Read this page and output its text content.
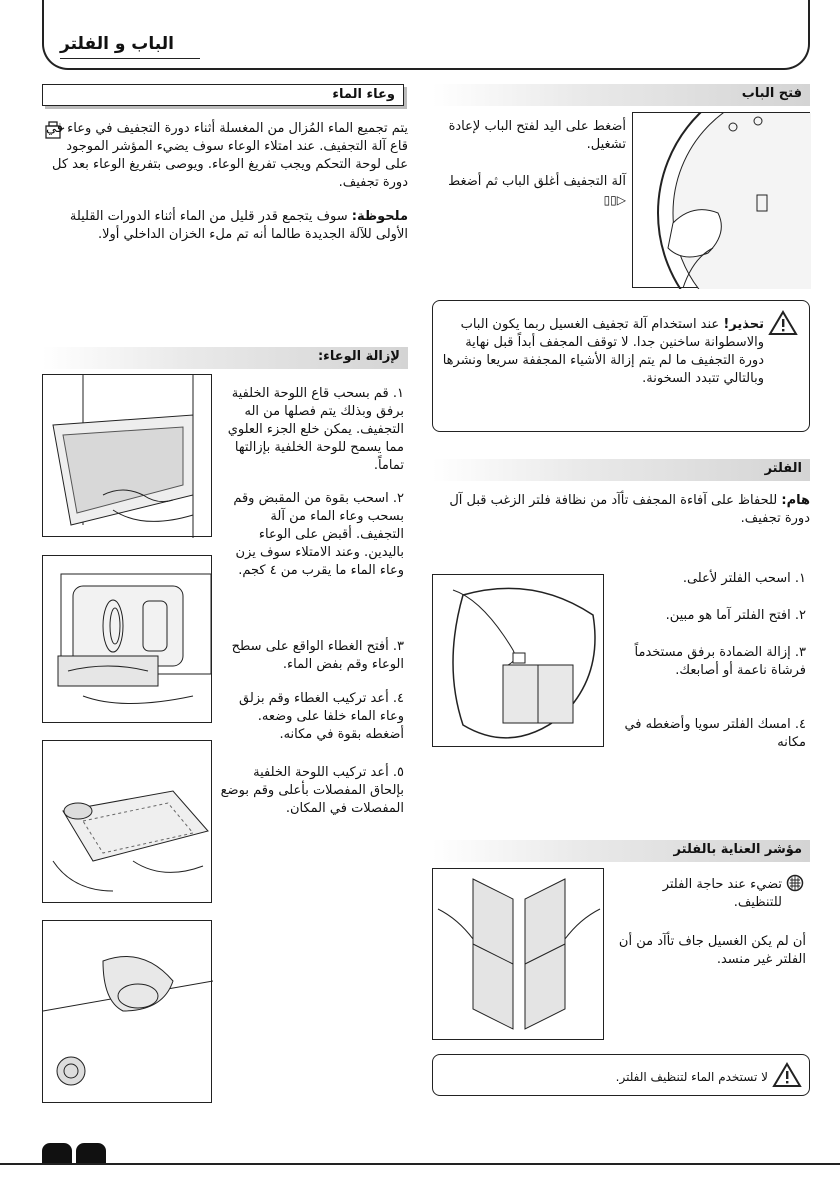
الباب و الفلتر
وعاء الماء
يتم تجميع الماء المُزال من المغسلة أثناء دورة التجفيف في وعاء في قاع آلة التجفيف. عند امتلاء الوعاء سوف يضيء المؤشر الموجود على لوحة التحكم ويجب تفريغ الوعاء. ويوصى بتفريغ الوعاء بعد كل دورة تجفيف.
ملحوظة: سوف يتجمع قدر قليل من الماء أثناء الدورات القليلة الأولى للآلة الجديدة طالما أنه تم ملء الخزان الداخلي أولا.
لإزالة الوعاء:
١. قم بسحب قاع اللوحة الخلفية برفق وبذلك يتم فصلها من اله التجفيف. يمكن خلع الجزء العلوي مما يسمح للوحة الخلفية بإزالتها تماماً.
٢. اسحب بقوة من المقبض وقم بسحب وعاء الماء من آلة التجفيف. أقبض على الوعاء باليدين. وعند الامتلاء سوف يزن وعاء الماء ما يقرب من ٤ كجم.
٣. أفتح الغطاء الواقع على سطح الوعاء وقم بفض الماء.
٤. أعد تركيب الغطاء وقم بزلق وعاء الماء خلفا على وضعه. أضغطه بقوة في مكانه.
٥. أعد تركيب اللوحة الخلفية بإلحاق المفصلات بأعلى وقم بوضع المفصلات في المكان.
فتح الباب
أضغط على اليد لفتح الباب لإعادة تشغيل.
آلة التجفيف أغلق الباب ثم أضغط ▷▯▯
تحذير! عند استخدام آلة تجفيف الغسيل ربما يكون الباب والاسطوانة ساخنين جدا. لا توقف المجفف أبداً قبل نهاية دورة التجفيف ما لم يتم إزالة الأشياء المجففة سريعا ونشرها وبالتالي تتبدد السخونة.
الفلتر
هام: للحفاظ على آفاءة المجفف تأآد من نظافة فلتر الزغب قبل آل دورة تجفيف.
١. اسحب الفلتر لأعلى.
٢. افتح الفلتر آما هو مبين.
٣. إزالة الضمادة برفق مستخدماً فرشاة ناعمة أو أصابعك.
٤. امسك الفلتر سويا وأضغطه في مكانه
مؤشر العناية بالفلتر
تضيء عند حاجة الفلتر للتنظيف.
أن لم يكن الغسيل جاف تأآد من أن الفلتر غير منسد.
لا تستخدم الماء لتنظيف الفلتر.
